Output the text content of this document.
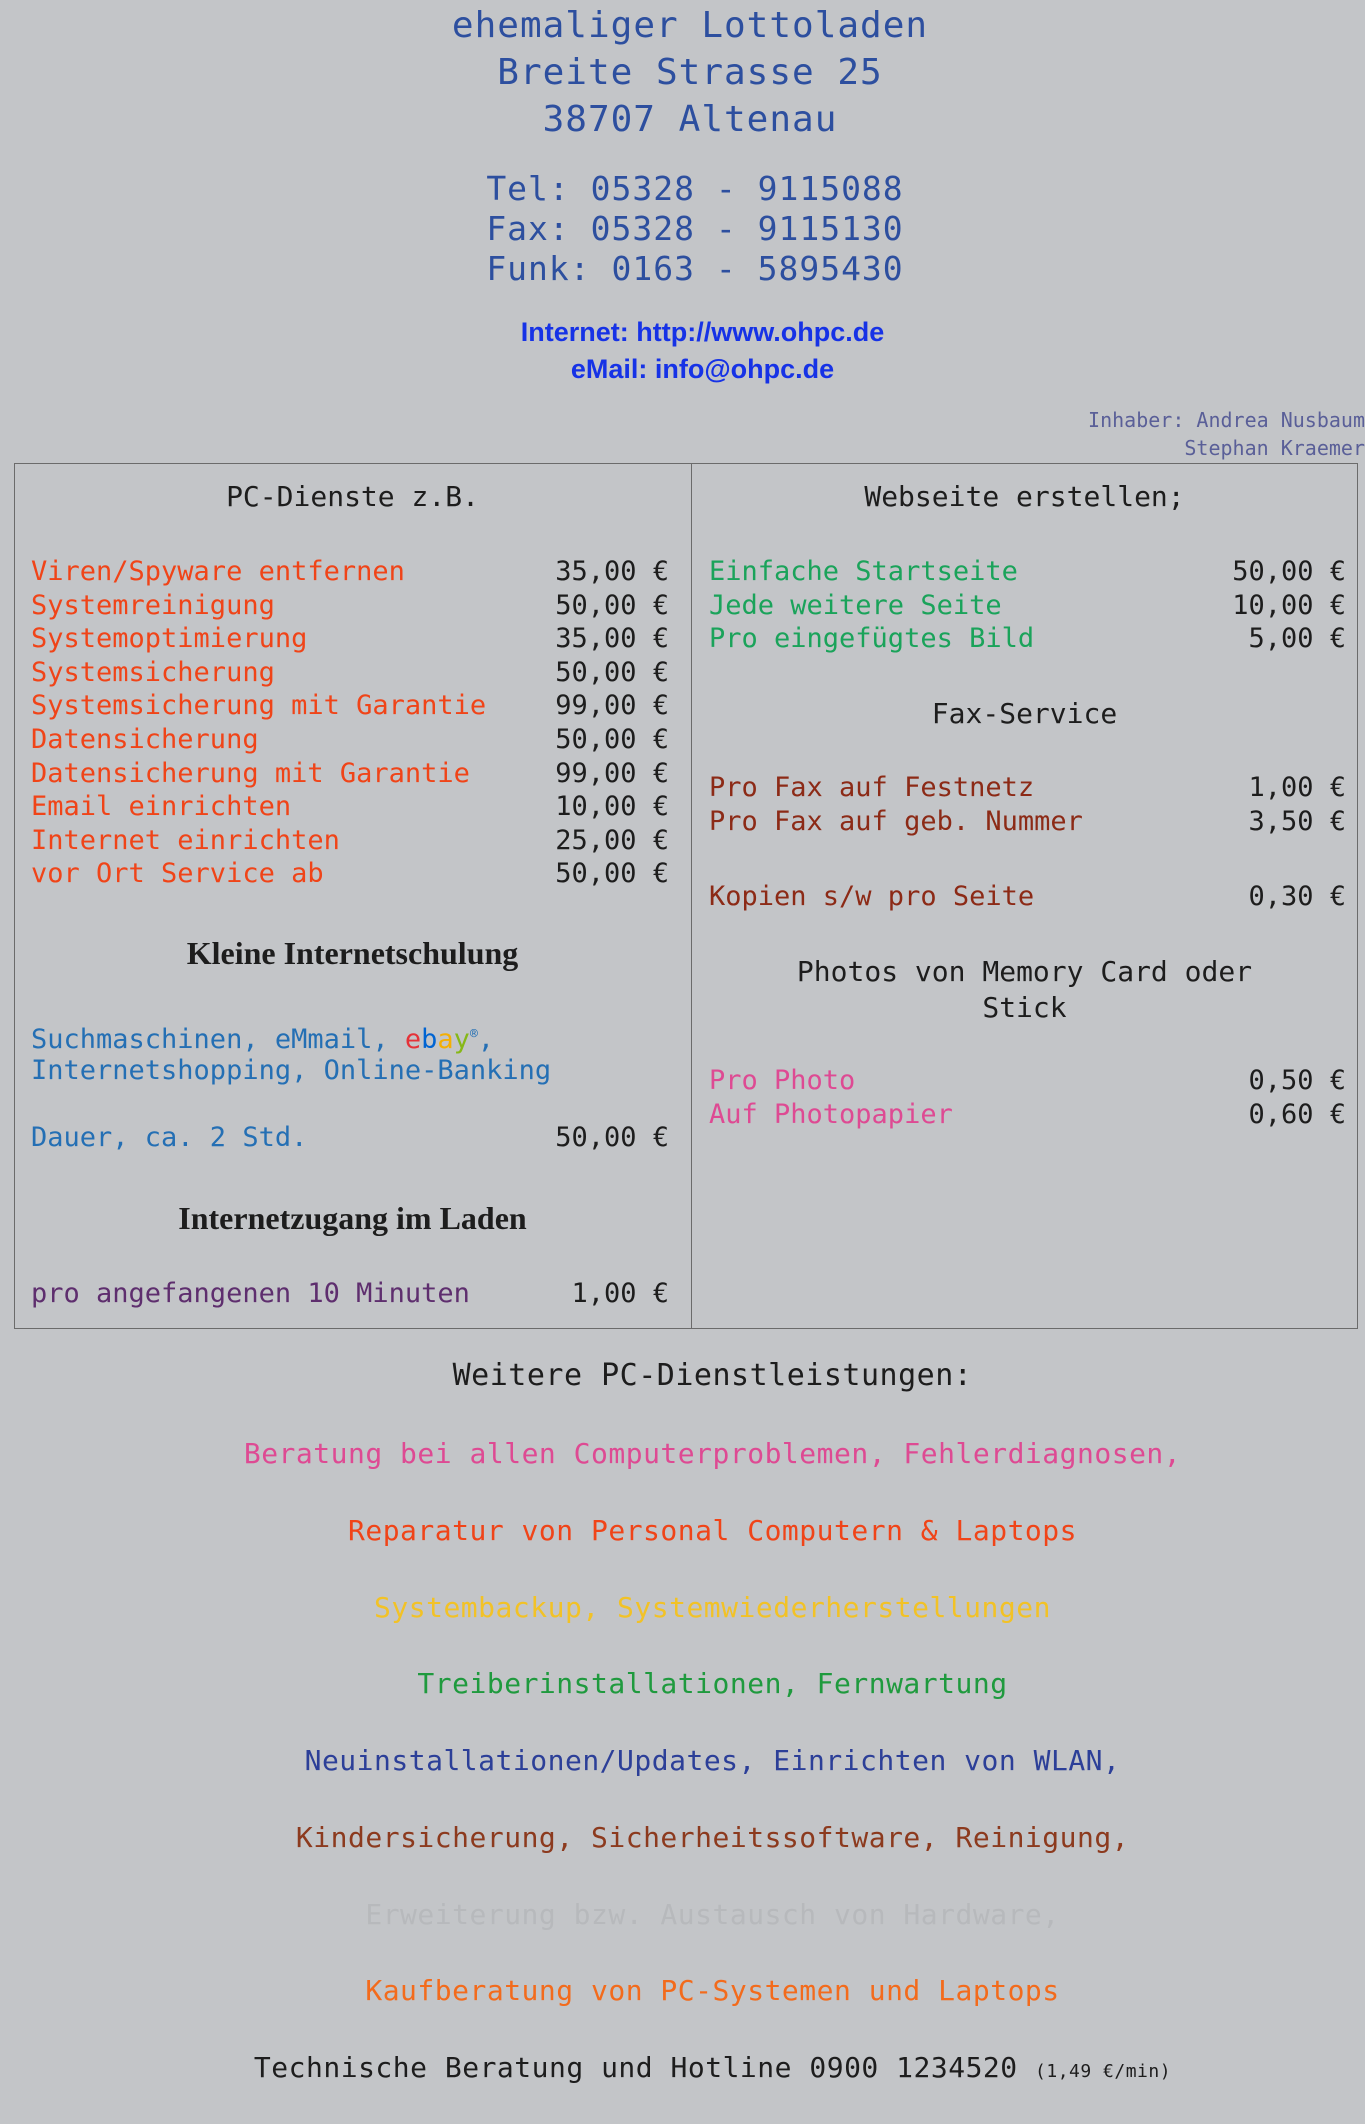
ehemaliger Lottoladen
Breite Strasse 25
38707 Altenau
Tel: 05328 - 9115088
Fax: 05328 - 9115130
Funk: 0163 - 5895430
Internet: http://www.ohpc.de
eMail: info@ohpc.de
Inhaber: Andrea Nusbaum
Stephan Kraemer
PC-Dienste z.B.
Viren/Spyware entfernen	35,00 €
Systemreinigung	50,00 €
Systemoptimierung	35,00 €
Systemsicherung	50,00 €
Systemsicherung mit Garantie	99,00 €
Datensicherung	50,00 €
Datensicherung mit Garantie	99,00 €
Email einrichten	10,00 €
Internet einrichten	25,00 €
vor Ort Service ab	50,00 €
Kleine Internetschulung
Suchmaschinen, eMmail, ebay®,
Internetshopping, Online-Banking
Dauer, ca. 2 Std.	50,00 €
Internetzugang im Laden
pro angefangenen 10 Minuten	1,00 €
Webseite erstellen;
Einfache Startseite	50,00 €
Jede weitere Seite	10,00 €
Pro eingefügtes Bild	5,00 €
Fax-Service
Pro Fax auf Festnetz	1,00 €
Pro Fax auf geb. Nummer	3,50 €
Kopien s/w pro Seite	0,30 €
Photos von Memory Card oder
Stick
Pro Photo	0,50 €
Auf Photopapier	0,60 €
Weitere PC-Dienstleistungen:
Beratung bei allen Computerproblemen, Fehlerdiagnosen,
Reparatur von Personal Computern & Laptops
Systembackup, Systemwiederherstellungen
Treiberinstallationen, Fernwartung
Neuinstallationen/Updates, Einrichten von WLAN,
Kindersicherung, Sicherheitssoftware, Reinigung,
Erweiterung bzw. Austausch von Hardware,
Kaufberatung von PC-Systemen und Laptops
Technische Beratung und Hotline 0900 1234520 (1,49 €/min)
